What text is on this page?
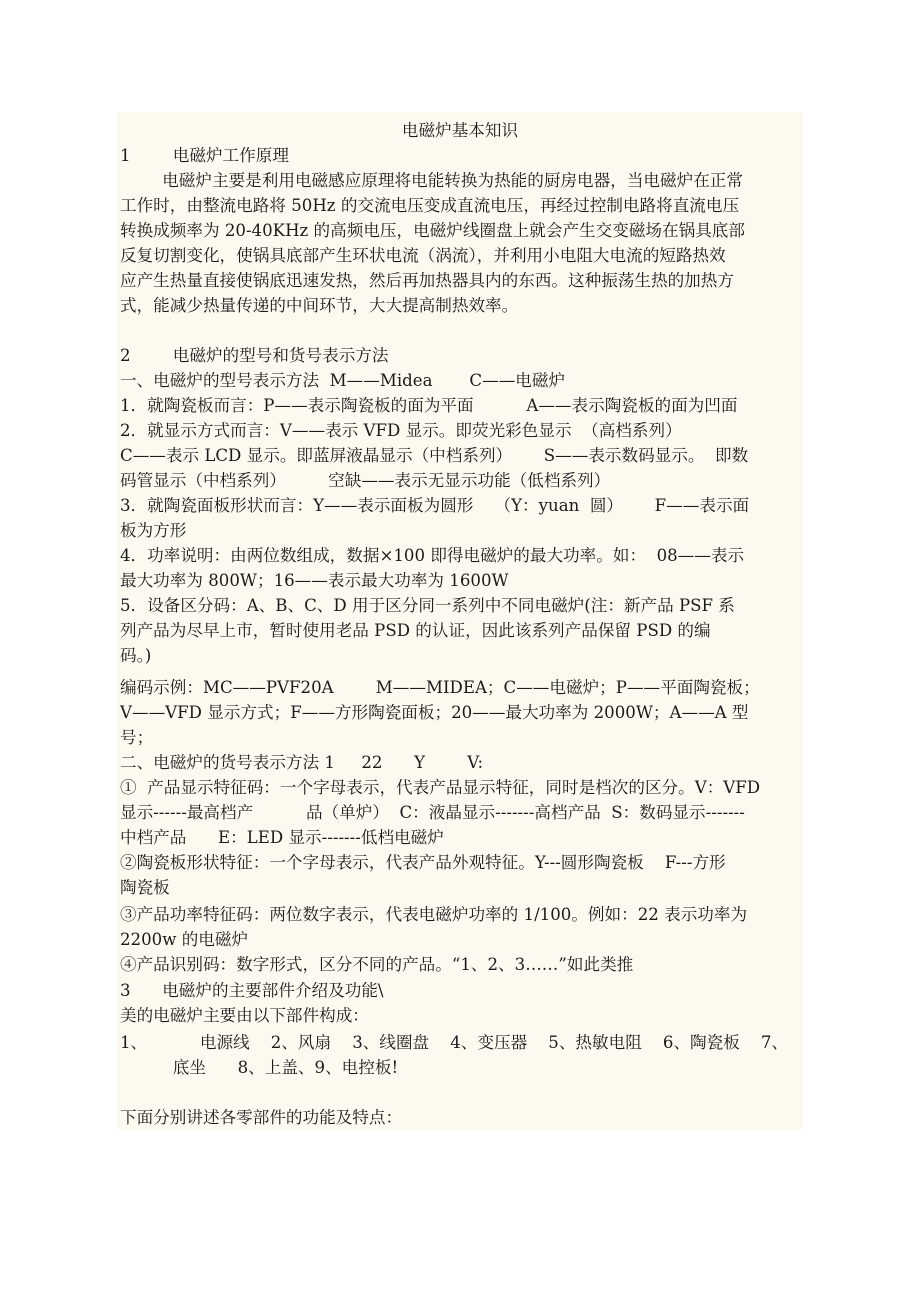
电磁炉基本知识
1        电磁炉工作原理
电磁炉主要是利用电磁感应原理将电能转换为热能的厨房电器，当电磁炉在正常
工作时，由整流电路将 50Hz 的交流电压变成直流电压，再经过控制电路将直流电压
转换成频率为 20-40KHz 的高频电压，电磁炉线圈盘上就会产生交变磁场在锅具底部
反复切割变化，使锅具底部产生环状电流（涡流），并利用小电阻大电流的短路热效
应产生热量直接使锅底迅速发热，然后再加热器具内的东西。这种振荡生热的加热方
式，能减少热量传递的中间环节，大大提高制热效率。
2        电磁炉的型号和货号表示方法
一、电磁炉的型号表示方法  M——Midea       C——电磁炉
1．就陶瓷板而言：P——表示陶瓷板的面为平面          A——表示陶瓷板的面为凹面
2．就显示方式而言：V——表示 VFD 显示。即荧光彩色显示  （高档系列）
C——表示 LCD 显示。即蓝屏液晶显示（中档系列）      S——表示数码显示。  即数
码管显示（中档系列）        空缺——表示无显示功能（低档系列）
3．就陶瓷面板形状而言：Y——表示面板为圆形    （Y：yuan  圆）      F——表示面
板为方形
4．功率说明：由两位数组成，数据×100 即得电磁炉的最大功率。如：  08——表示
最大功率为 800W；16——表示最大功率为 1600W
5．设备区分码：A、B、C、D 用于区分同一系列中不同电磁炉(注：新产品 PSF 系
列产品为尽早上市，暂时使用老品 PSD 的认证，因此该系列产品保留 PSD 的编
码。)
编码示例：MC——PVF20A        M——MIDEA；C——电磁炉；P——平面陶瓷板；
V——VFD 显示方式；F——方形陶瓷面板；20——最大功率为 2000W；A——A 型
号；
二、电磁炉的货号表示方法 1     22      Y        V:
①  产品显示特征码：一个字母表示，代表产品显示特征，同时是档次的区分。V：VFD
显示------最高档产          品（单炉）  C：液晶显示-------高档产品  S：数码显示-------
中档产品      E：LED 显示-------低档电磁炉
②陶瓷板形状特征：一个字母表示，代表产品外观特征。Y---圆形陶瓷板    F---方形
陶瓷板
③产品功率特征码：两位数字表示，代表电磁炉功率的 1/100。例如：22 表示功率为
2200w 的电磁炉
④产品识别码：数字形式，区分不同的产品。“1、2、3……”如此类推
3      电磁炉的主要部件介绍及功能\
美的电磁炉主要由以下部件构成：
1、          电源线    2、风扇    3、线圈盘    4、变压器    5、热敏电阻    6、陶瓷板    7、
底坐      8、上盖、9、电控板!
下面分别讲述各零部件的功能及特点：
